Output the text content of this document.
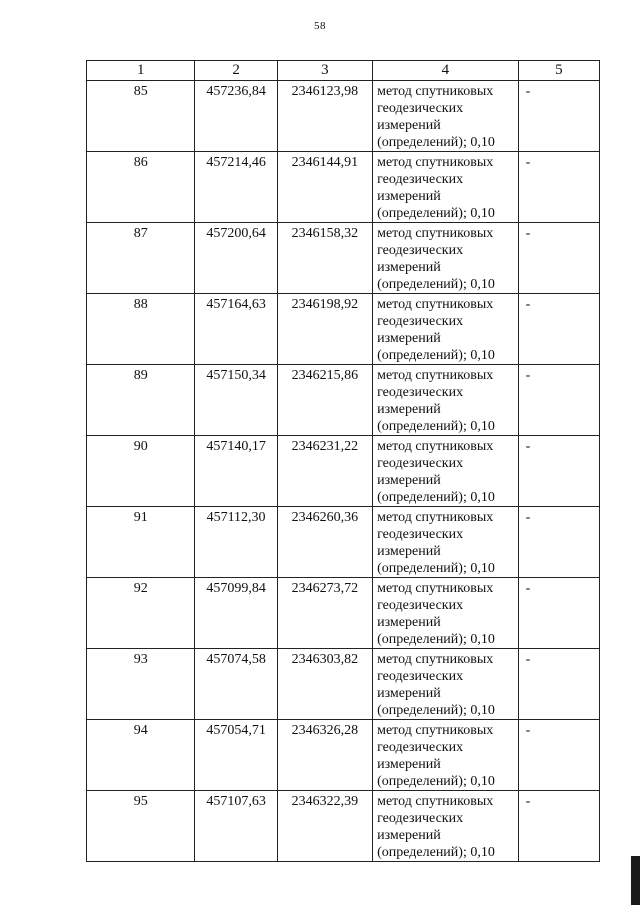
58
1	2	3	4	5
85	457236,84	2346123,98	метод спутниковых
геодезических
измерений
(определений); 0,10	-
86	457214,46	2346144,91	метод спутниковых
геодезических
измерений
(определений); 0,10	-
87	457200,64	2346158,32	метод спутниковых
геодезических
измерений
(определений); 0,10	-
88	457164,63	2346198,92	метод спутниковых
геодезических
измерений
(определений); 0,10	-
89	457150,34	2346215,86	метод спутниковых
геодезических
измерений
(определений); 0,10	-
90	457140,17	2346231,22	метод спутниковых
геодезических
измерений
(определений); 0,10	-
91	457112,30	2346260,36	метод спутниковых
геодезических
измерений
(определений); 0,10	-
92	457099,84	2346273,72	метод спутниковых
геодезических
измерений
(определений); 0,10	-
93	457074,58	2346303,82	метод спутниковых
геодезических
измерений
(определений); 0,10	-
94	457054,71	2346326,28	метод спутниковых
геодезических
измерений
(определений); 0,10	-
95	457107,63	2346322,39	метод спутниковых
геодезических
измерений
(определений); 0,10	-
